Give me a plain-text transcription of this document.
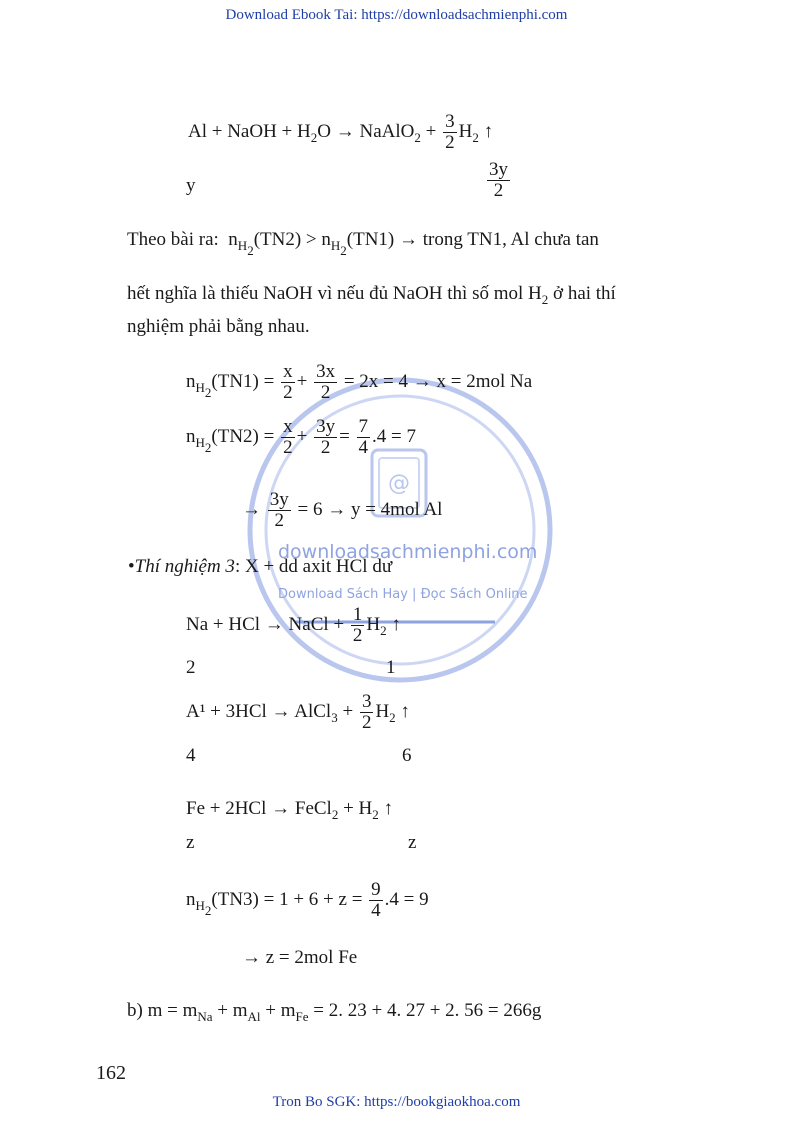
Download Ebook Tai: https://downloadsachmienphi.com
Tron Bo SGK: https://bookgiaokhoa.com
@
downloadsachmienphi.com
Download Sách Hay | Đọc Sách Online
Al + NaOH + $H_2O$ → NaAlO$_2$ + $\frac{3}{2} H_2$ ↑
y	$\frac{3y}{2}$
Theo bài ra:  $n_{H_2}(TN2) > n_{H_2}(TN1)$ → trong TN1, Al chưa tan
hết nghĩa là thiếu NaOH vì nếu đủ NaOH thì số mol $H_2$ ở hai thí
nghiệm phải bằng nhau.
$n_{H_2}(TN1) = \frac{x}{2} + \frac{3x}{2} = 2x = 4 \to x = 2mol$ Na
$n_{H_2}(TN2) = \frac{x}{2} + \frac{3y}{2} = \frac{7}{4} .4 = 7$
→ $\frac{3y}{2} = 6 \to y = 4mol$ Al
•Thí nghiệm 3: X + dd axit HCl dư
Na + HCl → NaCl + $\frac{1}{2} H_2$ ↑
2	1
A¹ + 3HCl → AlCl$_3$ + $\frac{3}{2} H_2$ ↑
4	6
Fe + 2HCl → FeCl$_2$ + $H_2$ ↑
z	z
$n_{H_2}(TN3) = 1 + 6 + z = \frac{9}{4} .4 = 9$
→ z = 2mol Fe
b) $m = m_{Na} + m_{Al} + m_{Fe} = 2$. 23 + 4. 27 + 2. 56 = 266g
162
